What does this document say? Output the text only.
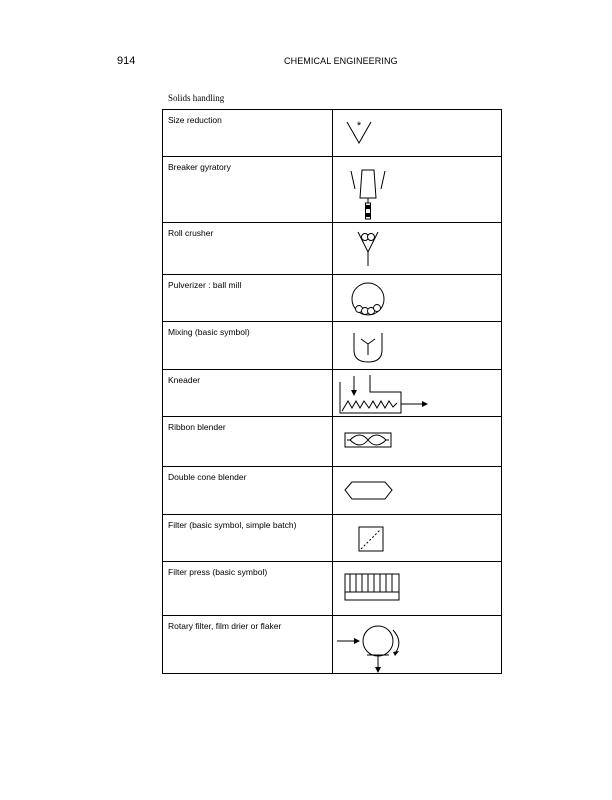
914	CHEMICAL ENGINEERING
Solids handling
Size reduction	*

Breaker gyratory

Roll crusher

Pulverizer : ball mill

Mixing (basic symbol)

Kneader

Ribbon blender

Double cone blender

Filter (basic symbol, simple batch)

Filter press (basic symbol)

Rotary filter, film drier or flaker
